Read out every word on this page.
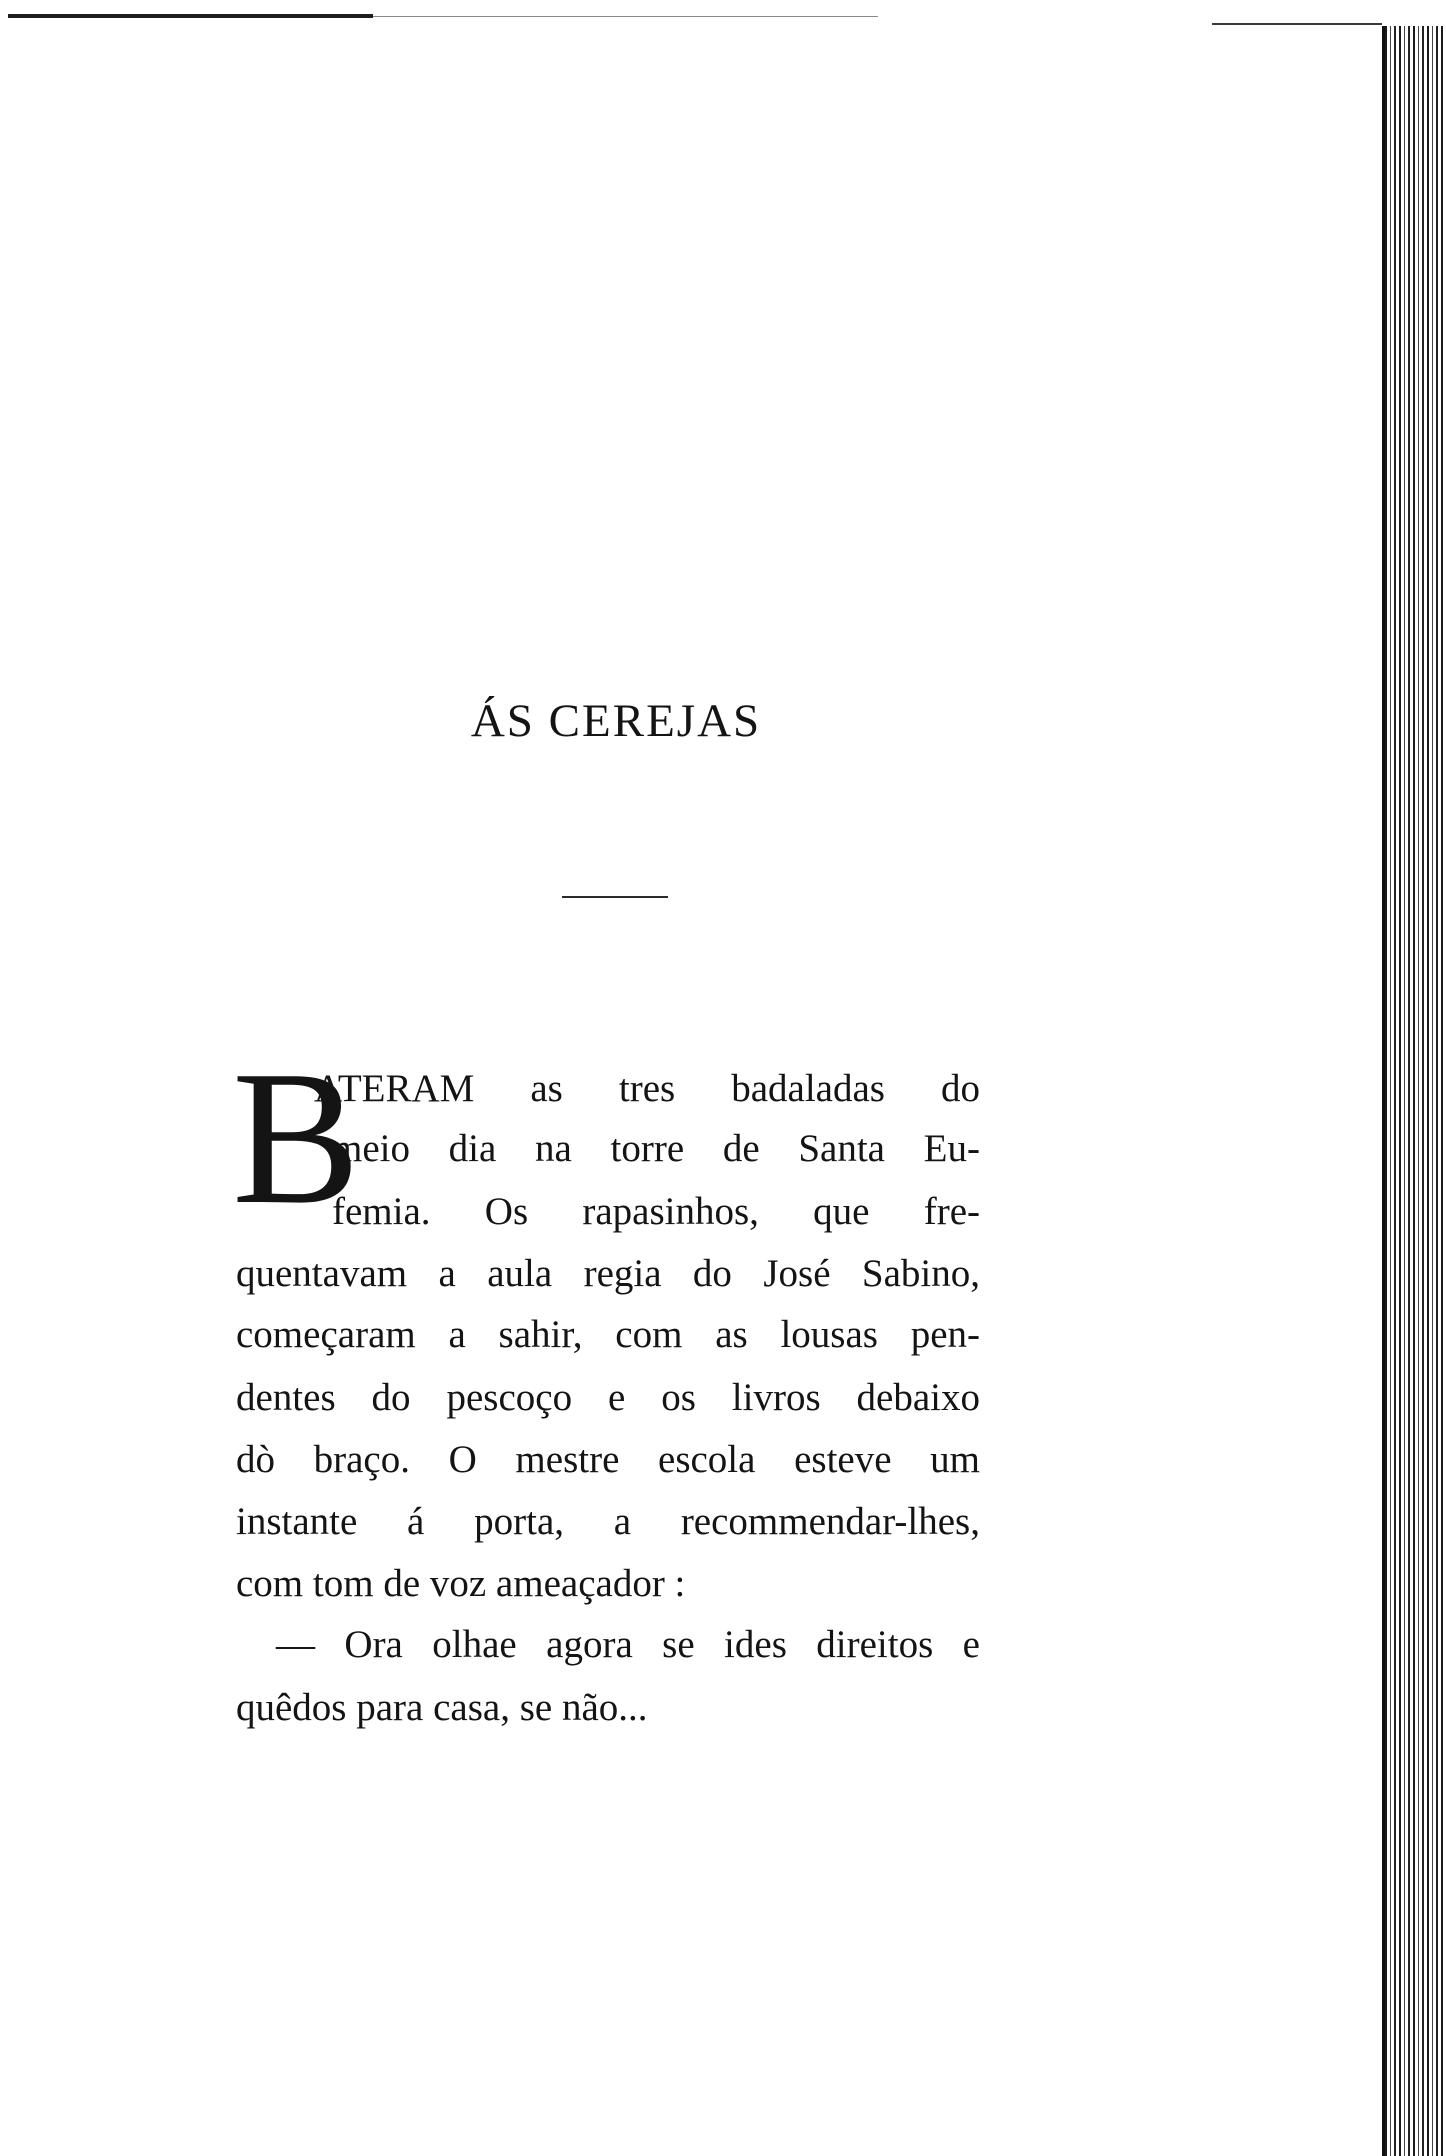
ÁS CEREJAS
B

ATERAM as tres badaladas do

meio dia na torre de Santa Eu-

femia. Os rapasinhos, que fre-

quentavam a aula regia do José Sabino,

começaram a sahir, com as lousas pen-

dentes do pescoço e os livros debaixo

dò braço. O mestre escola esteve um

instante á porta, a recommendar-lhes,

com tom de voz ameaçador :

— Ora olhae agora se ides direitos e

quêdos para casa, se não...
